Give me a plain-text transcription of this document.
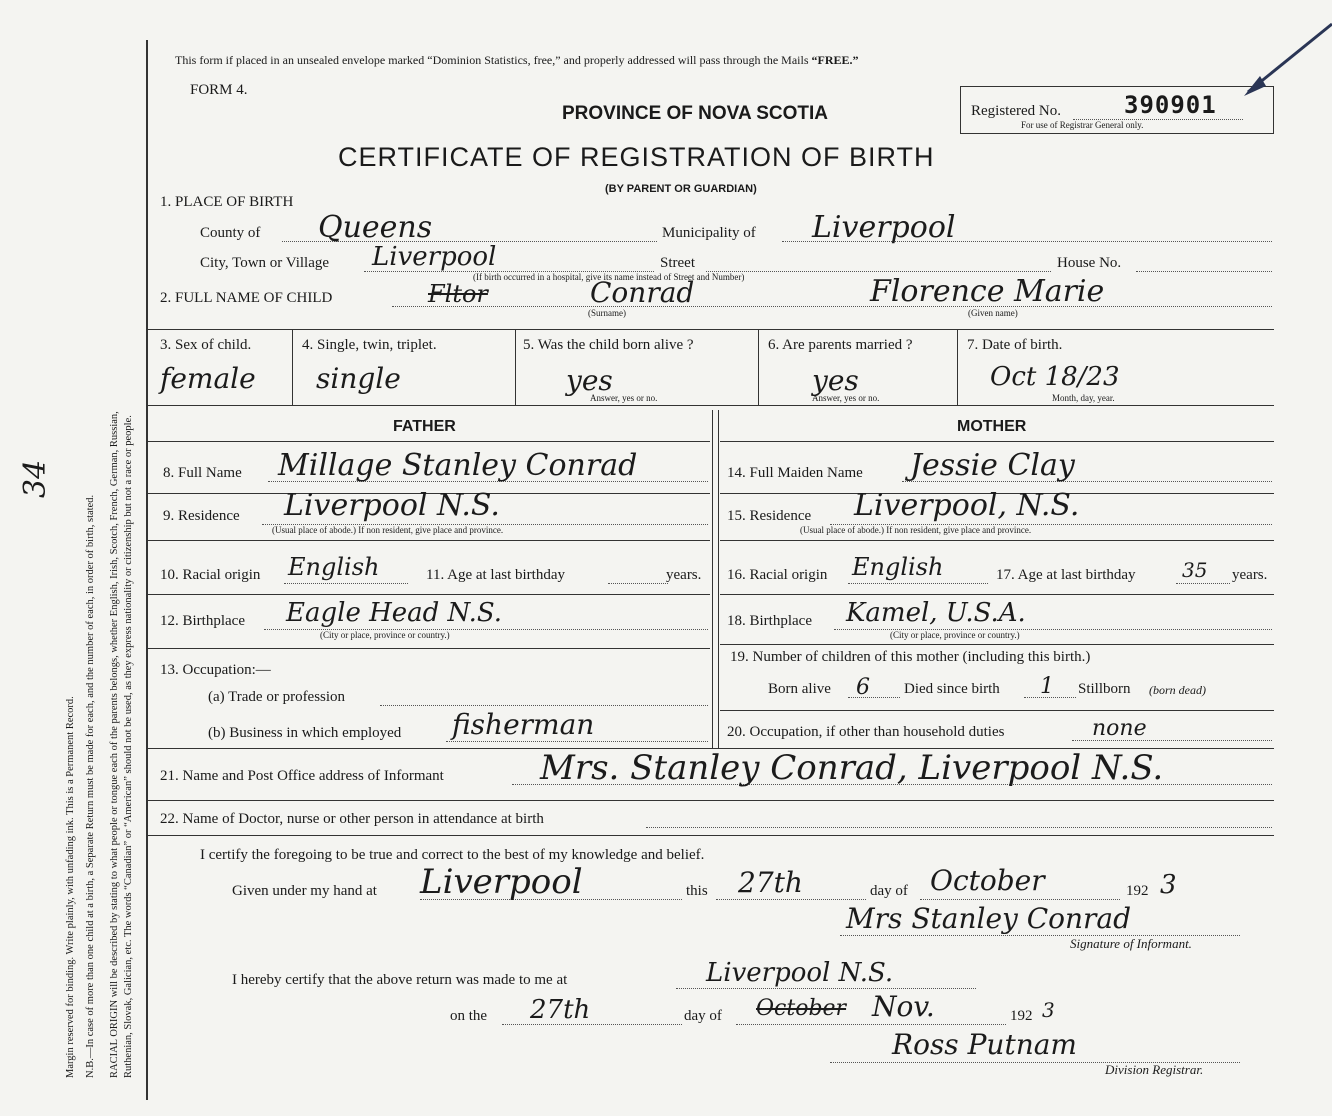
34
Margin reserved for binding. Write plainly, with unfading ink. This is a Permanent Record. N.B.—In case of more than one child at a birth, a Separate Return must be made for each, and the number of each, in order of birth, stated. RACIAL ORIGIN will be described by stating to what people or tongue each of the parents belongs, whether English, Irish, Scotch, French, German, Russian, Ruthenian, Slovak, Galician, etc. The words “Canadian” or “American” should not be used, as they express nationality or citizenship but not a race or people.
This form if placed in an unsealed envelope marked “Dominion Statistics, free,” and properly addressed will pass through the Mails “FREE.”
FORM 4.
PROVINCE OF NOVA SCOTIA
CERTIFICATE OF REGISTRATION OF BIRTH
(BY PARENT OR GUARDIAN)
Registered No.	390901
For use of Registrar General only.
1. PLACE OF BIRTH
County of Queens	Municipality of Liverpool
City, Town or Village Liverpool	Street	House No.
(If birth occurred in a hospital, give its name instead of Street and Number)
2. FULL NAME OF CHILD	Fltor	Conrad
(Surname)
Florence Marie
(Given name)
3. Sex of child.
female
4. Single, twin, triplet.
single
5. Was the child born alive ?
yes
Answer, yes or no.
6. Are parents married ?
yes
Answer, yes or no.
7. Date of birth.
Oct 18/23
Month, day, year.
FATHER	MOTHER
8. Full Name Millage Stanley Conrad
9. Residence Liverpool N.S.
(Usual place of abode.) If non resident, give place and province.
10. Racial origin English	11. Age at last birthday	years.
12. Birthplace Eagle Head N.S.
(City or place, province or country.)
13. Occupation:—
(a) Trade or profession
(b) Business in which employed fisherman
14. Full Maiden Name Jessie Clay
15. Residence Liverpool, N.S.
(Usual place of abode.) If non resident, give place and province.
16. Racial origin English	17. Age at last birthday 35 years.
18. Birthplace Kamel, U.S.A.
(City or place, province or country.)
19. Number of children of this mother (including this birth.)
Born alive 6 Died since birth 1 Stillborn (born dead)
20. Occupation, if other than household duties	none
21. Name and Post Office address of Informant	Mrs. Stanley Conrad, Liverpool N.S.
22. Name of Doctor, nurse or other person in attendance at birth
I certify the foregoing to be true and correct to the best of my knowledge and belief.
Given under my hand at Liverpool	this 27th	day of October	192 3
Mrs Stanley Conrad
Signature of Informant.
I hereby certify that the above return was made to me at	Liverpool N.S.
on the 27th	day of October Nov.	192 3
Ross Putnam
Division Registrar.
